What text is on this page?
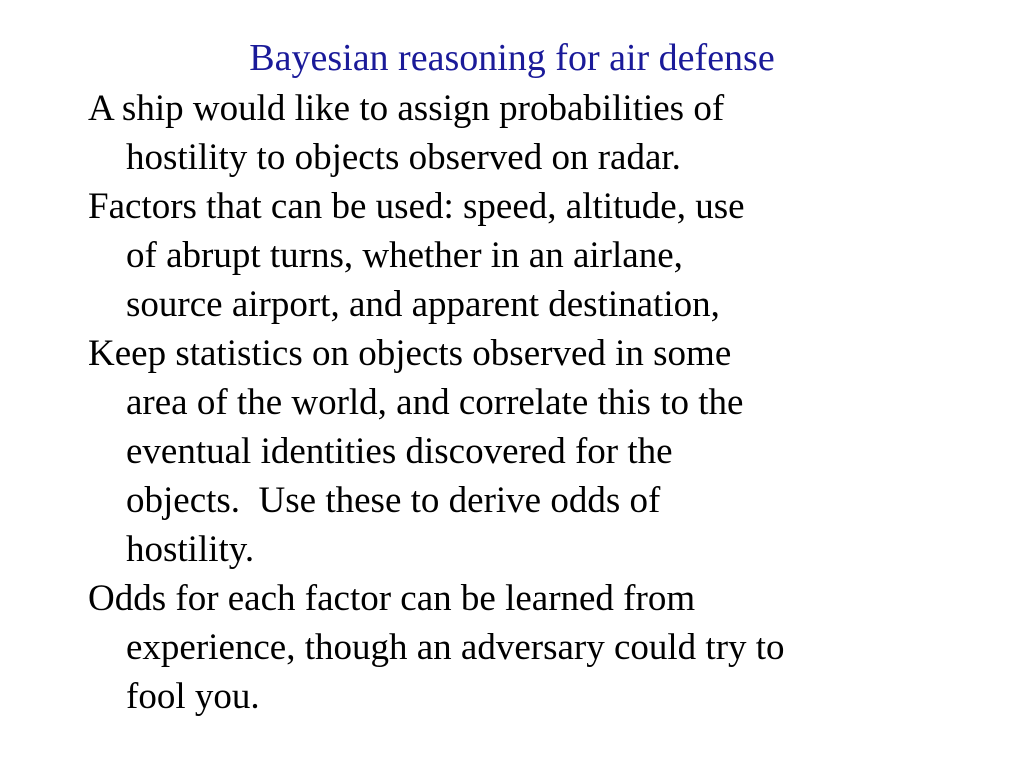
Bayesian reasoning for air defense
A ship would like to assign probabilities of
hostility to objects observed on radar.
Factors that can be used: speed, altitude, use
of abrupt turns, whether in an airlane,
source airport, and apparent destination,
Keep statistics on objects observed in some
area of the world, and correlate this to the
eventual identities discovered for the
objects.  Use these to derive odds of
hostility.
Odds for each factor can be learned from
experience, though an adversary could try to
fool you.
